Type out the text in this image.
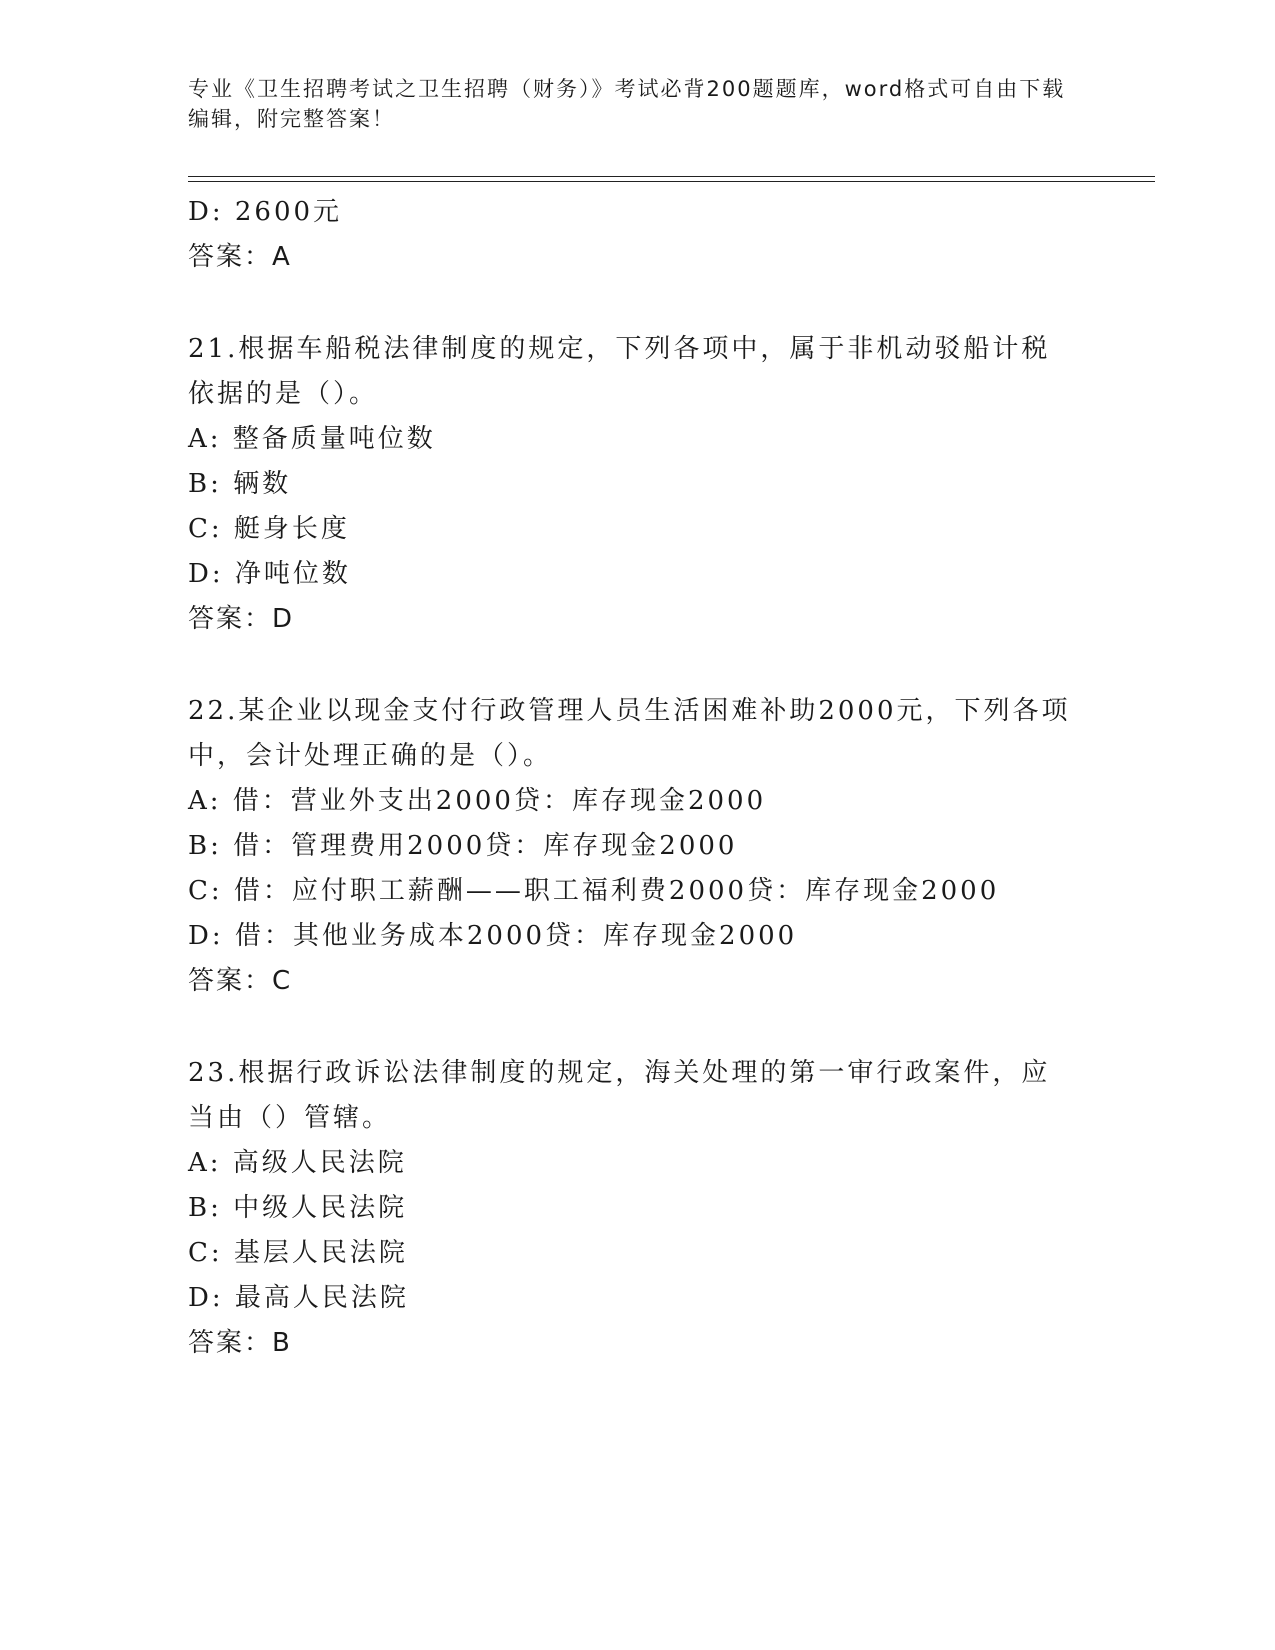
专业《卫生招聘考试之卫生招聘（财务）》考试必背200题题库，word格式可自由下载编辑，附完整答案！
D: 2600元
答案：A
21.根据车船税法律制度的规定，下列各项中，属于非机动驳船计税依据的是（）。
A: 整备质量吨位数
B: 辆数
C: 艇身长度
D: 净吨位数
答案：D
22.某企业以现金支付行政管理人员生活困难补助2000元，下列各项中，会计处理正确的是（）。
A: 借：营业外支出2000贷：库存现金2000
B: 借：管理费用2000贷：库存现金2000
C: 借：应付职工薪酬——职工福利费2000贷：库存现金2000
D: 借：其他业务成本2000贷：库存现金2000
答案：C
23.根据行政诉讼法律制度的规定，海关处理的第一审行政案件，应当由（）管辖。
A: 高级人民法院
B: 中级人民法院
C: 基层人民法院
D: 最高人民法院
答案：B
